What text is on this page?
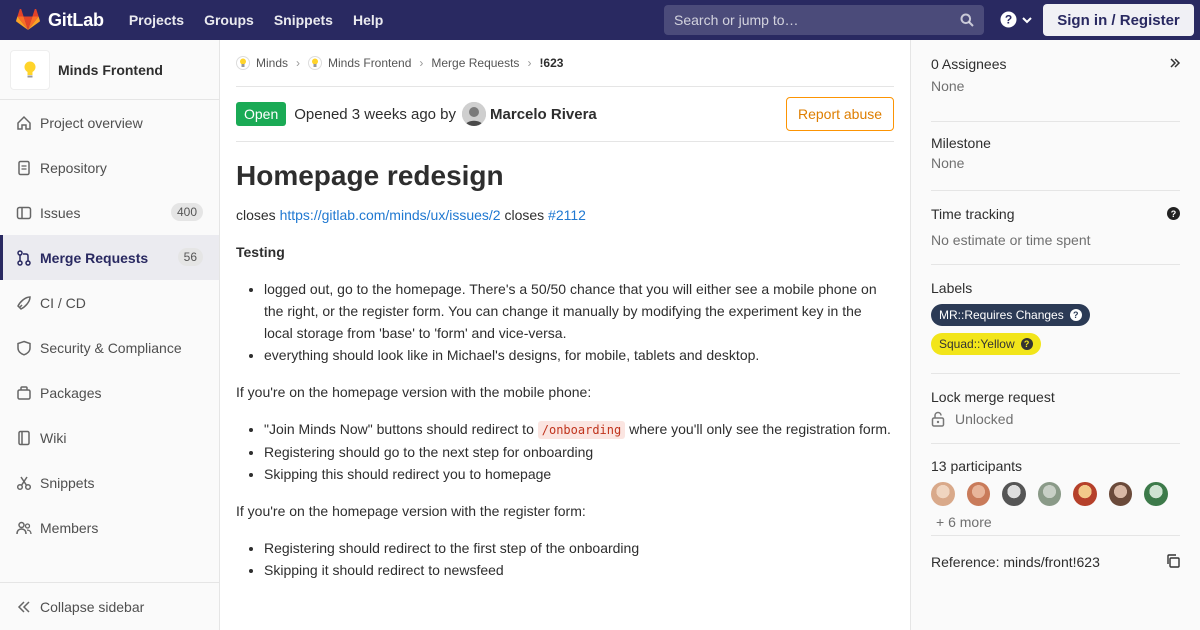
GitLab Projects Groups Snippets Help	Search or jump to…	?	Sign in / Register
Minds Frontend
Project overview
Repository
Issues	400
Merge Requests	56
CI / CD
Security & Compliance
Packages
Wiki
Snippets
Members
Collapse sidebar
Minds › Minds Frontend › Merge Requests › !623
Open	Opened 3 weeks ago by Marcelo Rivera	Report abuse
Homepage redesign

closes https://gitlab.com/minds/ux/issues/2 closes #2112

Testing

• logged out, go to the homepage. There's a 50/50 chance that you will either see a mobile phone on the right, or the register form. You can change it manually by modifying the experiment key in the local storage from 'base' to 'form' and vice-versa.
• everything should look like in Michael's designs, for mobile, tablets and desktop.

If you're on the homepage version with the mobile phone:

• "Join Minds Now" buttons should redirect to /onboarding where you'll only see the registration form.
• Registering should go to the next step for onboarding
• Skipping this should redirect you to homepage

If you're on the homepage version with the register form:

• Registering should redirect to the first step of the onboarding
• Skipping it should redirect to newsfeed
0 Assignees
None
Milestone
None
Time tracking
No estimate or time spent
?
Labels
MR::Requires Changes	?
Squad::Yellow	?
Lock merge request
Unlocked
13 participants
+ 6 more
Reference: minds/front!623
